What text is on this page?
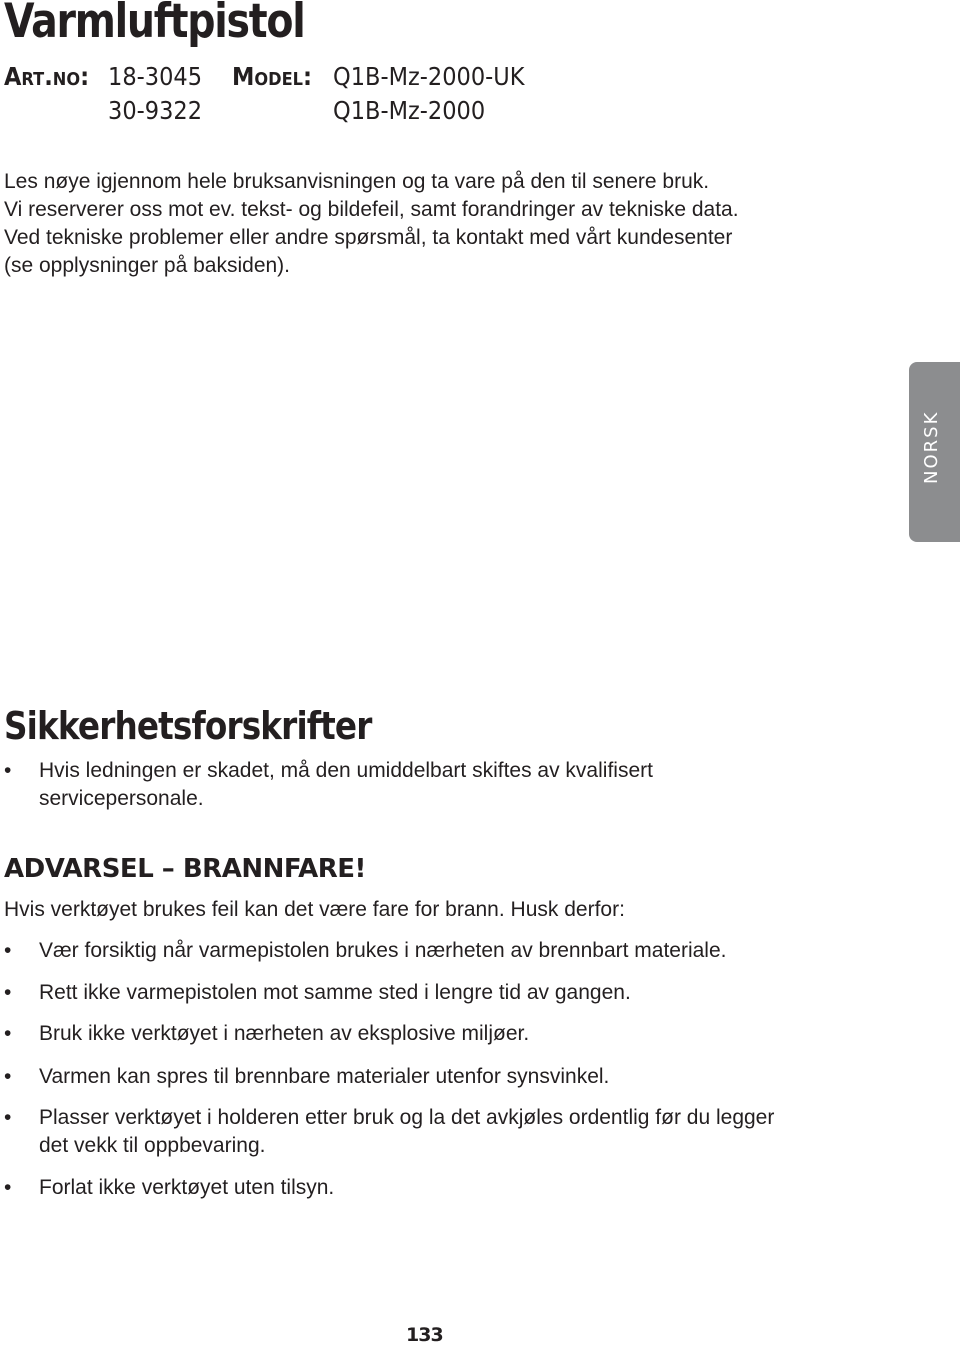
Varmluftpistol
Art.no: 18-3045 Model: Q1B-Mz-2000-UK
30-9322	Q1B-Mz-2000

Les nøye igjennom hele bruksanvisningen og ta vare på den til senere bruk.

Vi reserverer oss mot ev. tekst- og bildefeil, samt forandringer av tekniske data.

Ved tekniske problemer eller andre spørsmål, ta kontakt med vårt kundesenter

(se opplysninger på baksiden).

NORSK
Sikkerhetsforskrifter
• Hvis ledningen er skadet, må den umiddelbart skiftes av kvalifisert servicepersonale.
ADVARSEL – BRANNFARE!
Hvis verktøyet brukes feil kan det være fare for brann. Husk derfor:
• Vær forsiktig når varmepistolen brukes i nærheten av brennbart materiale.
• Rett ikke varmepistolen mot samme sted i lengre tid av gangen.
• Bruk ikke verktøyet i nærheten av eksplosive miljøer.
• Varmen kan spres til brennbare materialer utenfor synsvinkel.
• Plasser verktøyet i holderen etter bruk og la det avkjøles ordentlig før du legger det vekk til oppbevaring.
• Forlat ikke verktøyet uten tilsyn.
133
